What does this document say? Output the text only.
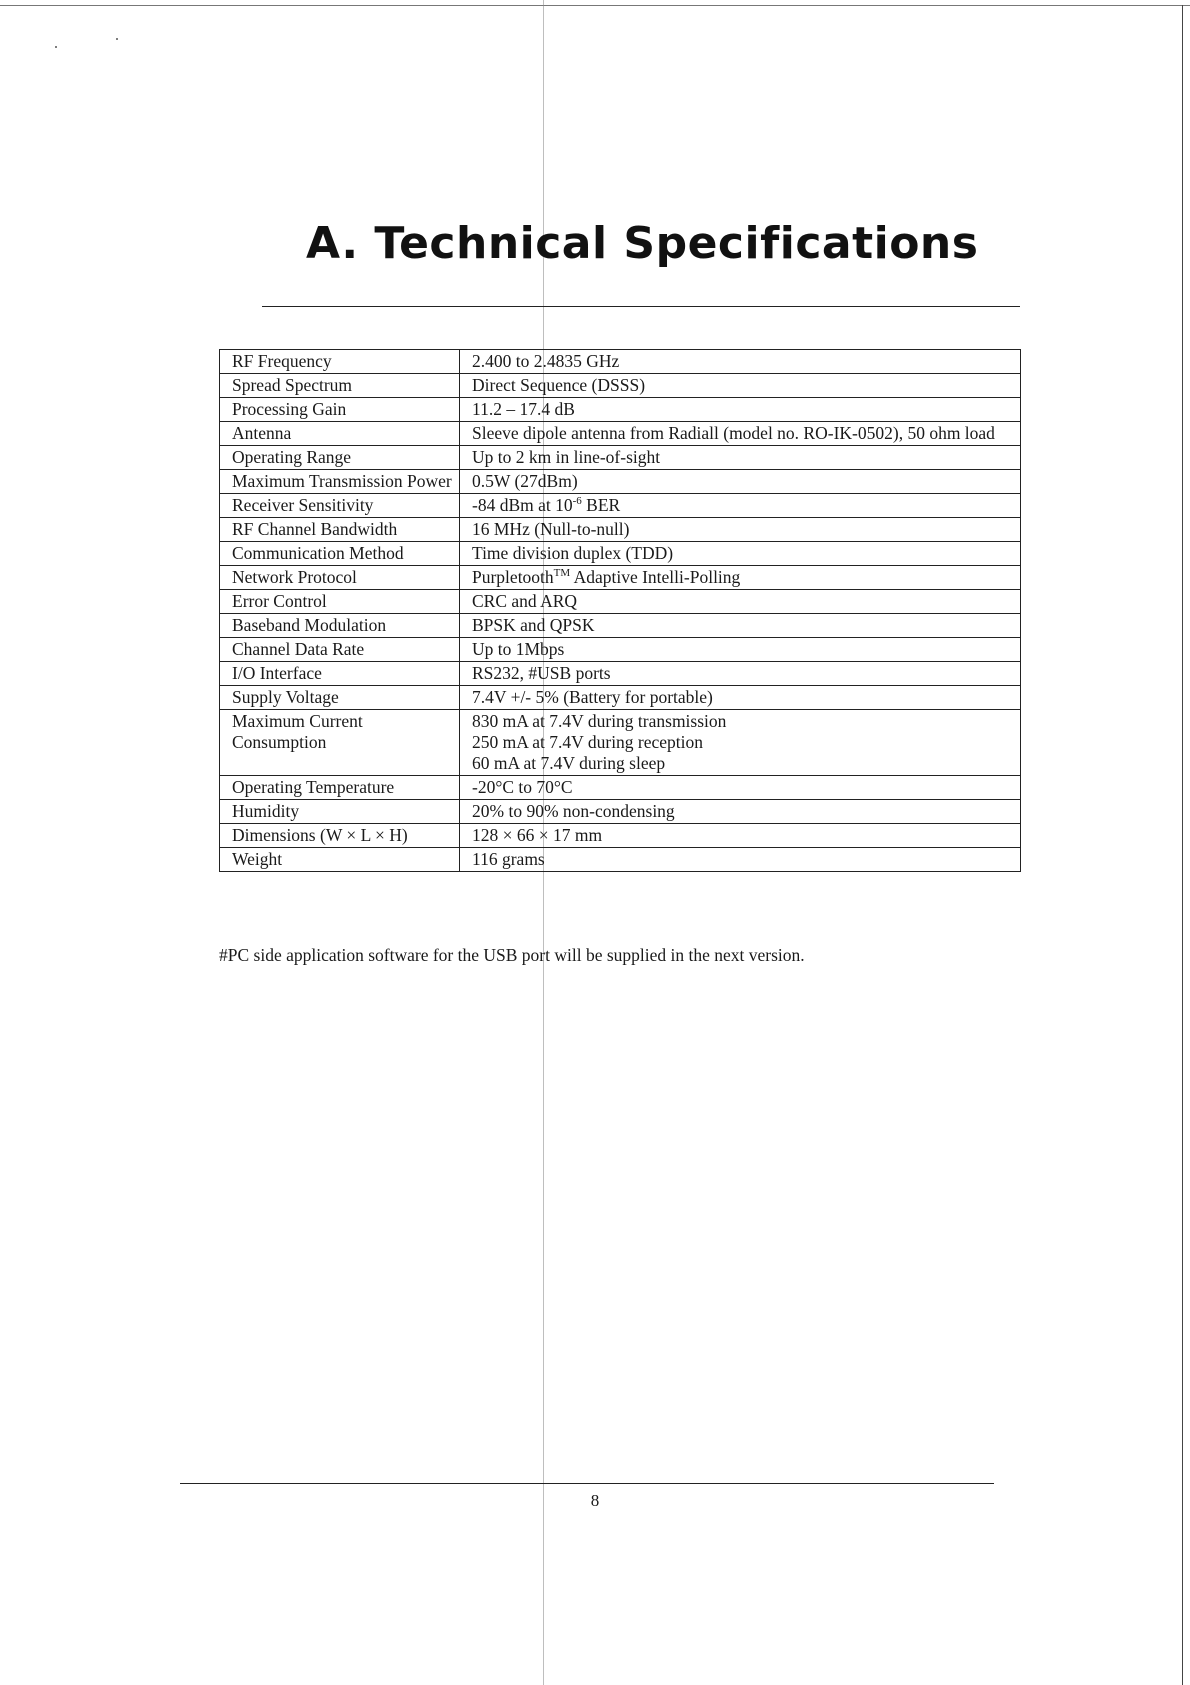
A. Technical Specifications
RF Frequency	2.400 to 2.4835 GHz
Spread Spectrum	Direct Sequence (DSSS)
Processing Gain	11.2 – 17.4 dB
Antenna	Sleeve dipole antenna from Radiall (model no. RO-IK-0502), 50 ohm load
Operating Range	Up to 2 km in line-of-sight
Maximum Transmission Power	0.5W (27dBm)
Receiver Sensitivity	-84 dBm at $10^{-6}$ BER
RF Channel Bandwidth	16 MHz (Null-to-null)
Communication Method	Time division duplex (TDD)
Network Protocol	Purpletooth™ Adaptive Intelli-Polling
Error Control	CRC and ARQ
Baseband Modulation	BPSK and QPSK
Channel Data Rate	Up to 1Mbps
I/O Interface	RS232, #USB ports
Supply Voltage	7.4V +/- 5% (Battery for portable)
Maximum Current
Consumption	830 mA at 7.4V during transmission
250 mA at 7.4V during reception
60 mA at 7.4V during sleep
Operating Temperature	-20°C to 70°C
Humidity	20% to 90% non-condensing
Dimensions (W × L × H)	128 × 66 × 17 mm
Weight	116 grams

#PC side application software for the USB port will be supplied in the next version.

8
